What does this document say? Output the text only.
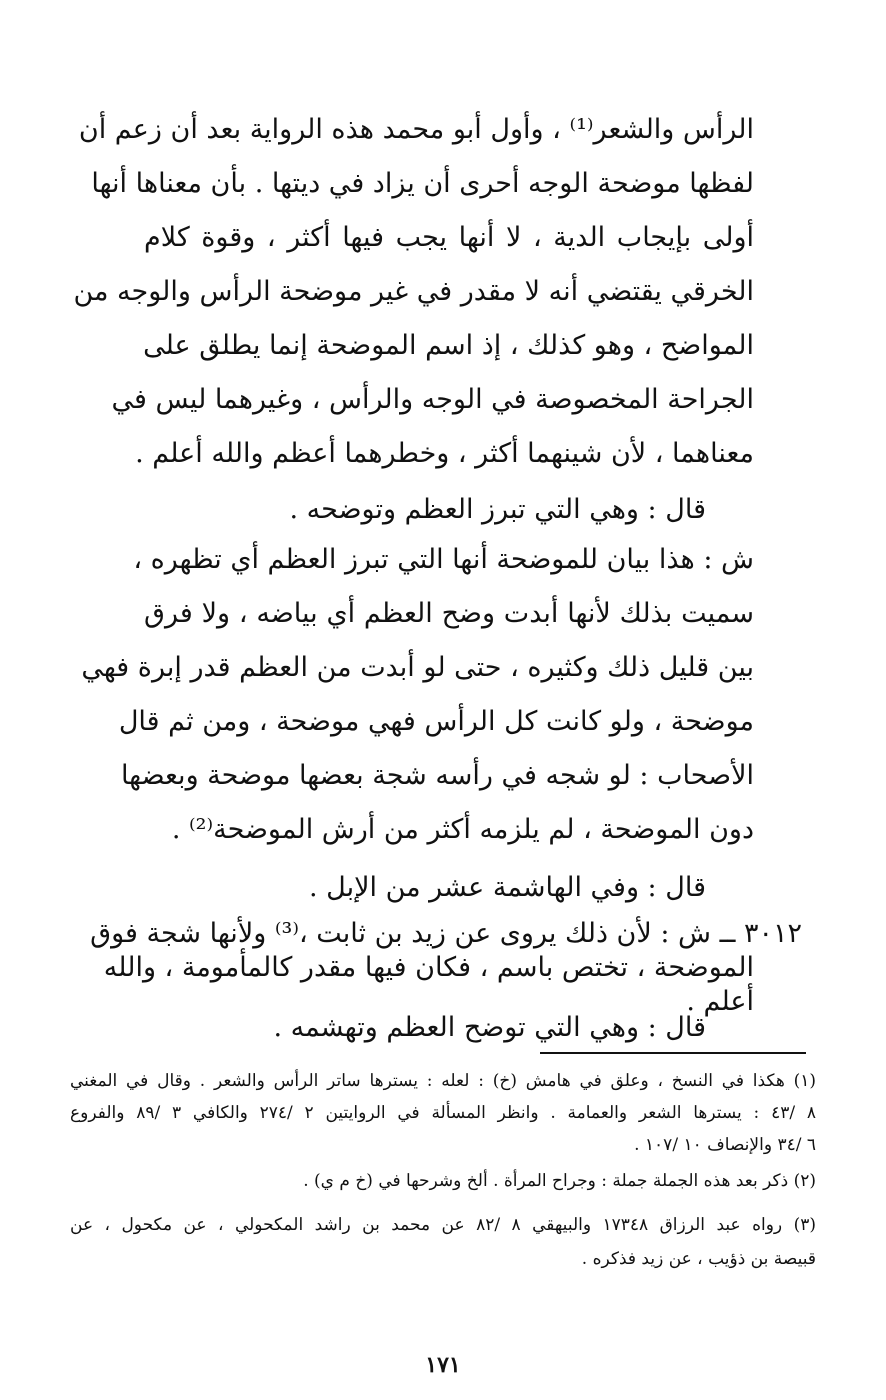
الرأس والشعر⁽¹⁾ ، وأول أبو محمد هذه الرواية بعد أن زعم أن
لفظها موضحة الوجه أحرى أن يزاد في ديتها . بأن معناها أنها
أولى بإيجاب الدية ، لا أنها يجب فيها أكثر ، وقوة كلام
الخرقي يقتضي أنه لا مقدر في غير موضحة الرأس والوجه من
المواضح ، وهو كذلك ، إذ اسم الموضحة إنما يطلق على
الجراحة المخصوصة في الوجه والرأس ، وغيرهما ليس في
معناهما ، لأن شينهما أكثر ، وخطرهما أعظم والله أعلم .
قال : وهي التي تبرز العظم وتوضحه .
ش : هذا بيان للموضحة أنها التي تبرز العظم أي تظهره ،
سميت بذلك لأنها أبدت وضح العظم أي بياضه ، ولا فرق
بين قليل ذلك وكثيره ، حتى لو أبدت من العظم قدر إبرة فهي
موضحة ، ولو كانت كل الرأس فهي موضحة ، ومن ثم قال
الأصحاب : لو شجه في رأسه شجة بعضها موضحة وبعضها
دون الموضحة ، لم يلزمه أكثر من أرش الموضحة⁽²⁾ .
قال : وفي الهاشمة عشر من الإبل .
٣٠١٢ ــ ش : لأن ذلك يروى عن زيد بن ثابت ،⁽³⁾ ولأنها شجة فوق
الموضحة ، تختص باسم ، فكان فيها مقدر كالمأمومة ، والله
أعلم .
قال : وهي التي توضح العظم وتهشمه .
(١) هكذا في النسخ ، وعلق في هامش (خ) : لعله : يسترها ساتر الرأس والشعر . وقال في المغني
٨ /٤٣ : يسترها الشعر والعمامة . وانظر المسألة في الروايتين ٢ /٢٧٤ والكافي ٣ /٨٩ والفروع
٦ /٣٤ والإنصاف ١٠ /١٠٧ .
(٢) ذكر بعد هذه الجملة جملة : وجراح المرأة . ألخ وشرحها في (خ م ي) .
(٣) رواه عبد الرزاق ١٧٣٤٨ والبيهقي ٨ /٨٢ عن محمد بن راشد المكحولي ، عن مكحول ، عن
قبيصة بن ذؤيب ، عن زيد فذكره .
١٧١
